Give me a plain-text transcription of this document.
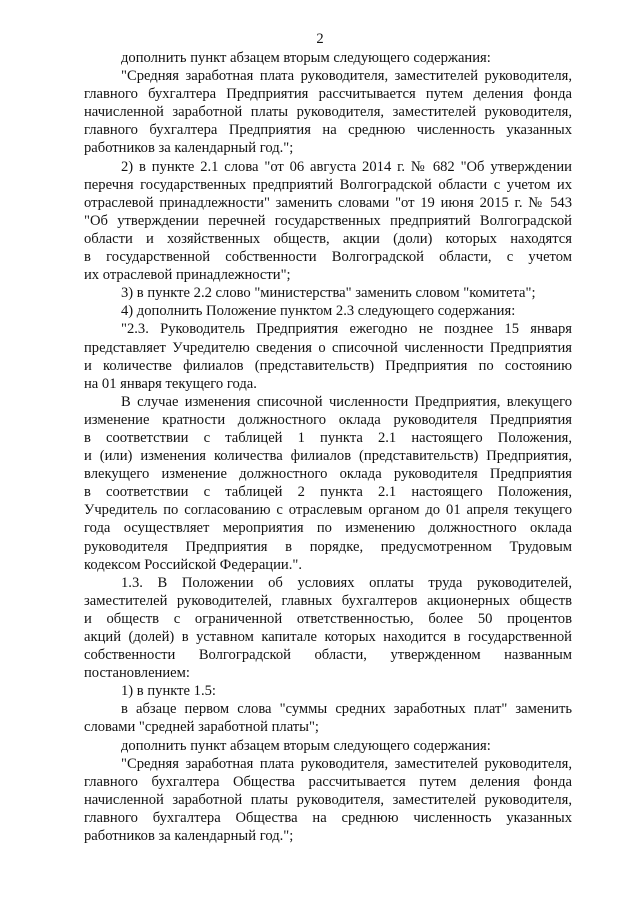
2
дополнить пункт абзацем вторым следующего содержания:
"Средняя заработная плата руководителя, заместителей руководителя,
главного бухгалтера Предприятия рассчитывается путем деления фонда
начисленной заработной платы руководителя, заместителей руководителя,
главного бухгалтера Предприятия на среднюю численность указанных
работников за календарный год.";
2) в пункте 2.1 слова "от 06 августа 2014 г. № 682 "Об утверждении
перечня государственных предприятий Волгоградской области с учетом их
отраслевой принадлежности" заменить словами "от 19 июня 2015 г. № 543
"Об утверждении перечней государственных предприятий Волгоградской
области и хозяйственных обществ, акции (доли) которых находятся
в государственной собственности Волгоградской области, с учетом
их отраслевой принадлежности";
3) в пункте 2.2 слово "министерства" заменить словом "комитета";
4) дополнить Положение пунктом 2.3 следующего содержания:
"2.3. Руководитель Предприятия ежегодно не позднее 15 января
представляет Учредителю сведения о списочной численности Предприятия
и количестве филиалов (представительств) Предприятия по состоянию
на 01 января текущего года.
В случае изменения списочной численности Предприятия, влекущего
изменение кратности должностного оклада руководителя Предприятия
в соответствии с таблицей 1 пункта 2.1 настоящего Положения,
и (или) изменения количества филиалов (представительств) Предприятия,
влекущего изменение должностного оклада руководителя Предприятия
в соответствии с таблицей 2 пункта 2.1 настоящего Положения,
Учредитель по согласованию с отраслевым органом до 01 апреля текущего
года осуществляет мероприятия по изменению должностного оклада
руководителя Предприятия в порядке, предусмотренном Трудовым
кодексом Российской Федерации.".
1.3. В Положении об условиях оплаты труда руководителей,
заместителей руководителей, главных бухгалтеров акционерных обществ
и обществ с ограниченной ответственностью, более 50 процентов
акций (долей) в уставном капитале которых находится в государственной
собственности Волгоградской области, утвержденном названным
постановлением:
1) в пункте 1.5:
в абзаце первом слова "суммы средних заработных плат" заменить
словами "средней заработной платы";
дополнить пункт абзацем вторым следующего содержания:
"Средняя заработная плата руководителя, заместителей руководителя,
главного бухгалтера Общества рассчитывается путем деления фонда
начисленной заработной платы руководителя, заместителей руководителя,
главного бухгалтера Общества на среднюю численность указанных
работников за календарный год.";
